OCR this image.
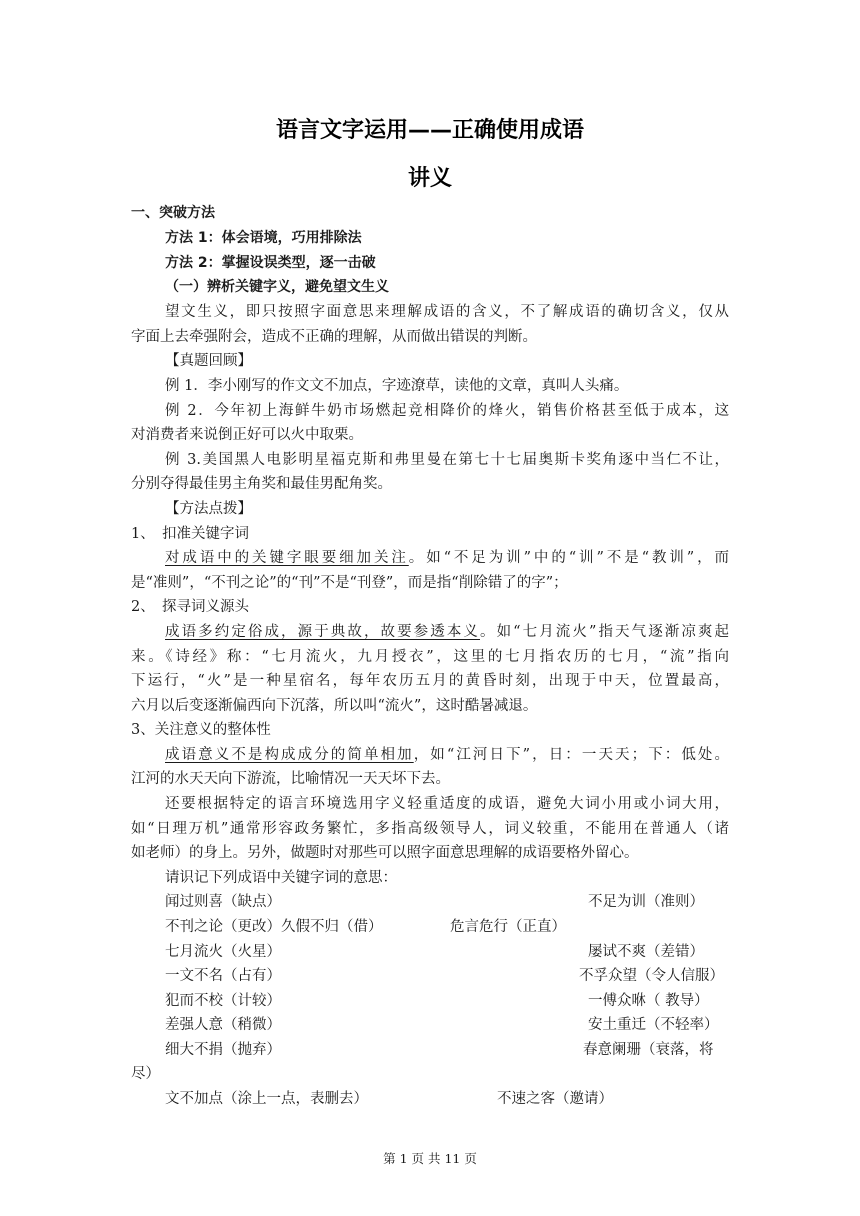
语言文字运用——正确使用成语
讲义
一、突破方法
方法 1：体会语境，巧用排除法
方法 2：掌握设误类型，逐一击破
（一）辨析关键字义，避免望文生义
望文生义，即只按照字面意思来理解成语的含义，不了解成语的确切含义，仅从
字面上去牵强附会，造成不正确的理解，从而做出错误的判断。
【真题回顾】
例 1．李小刚写的作文文不加点，字迹潦草，读他的文章，真叫人头痛。
例 2．今年初上海鲜牛奶市场燃起竞相降价的烽火，销售价格甚至低于成本，这
对消费者来说倒正好可以火中取栗。
例 3.美国黑人电影明星福克斯和弗里曼在第七十七届奥斯卡奖角逐中当仁不让，
分别夺得最佳男主角奖和最佳男配角奖。
【方法点拨】
1、　扣准关键字词
对成语中的关键字眼要细加关注。如“不足为训”中的“训”不是“教训”，而
是“准则”，“不刊之论”的“刊”不是“刊登”，而是指“削除错了的字”；
2、　探寻词义源头
成语多约定俗成，源于典故，故要参透本义。如“七月流火”指天气逐渐凉爽起
来。《诗经》称：“七月流火，九月授衣”，这里的七月指农历的七月，“流”指向
下运行，“火”是一种星宿名，每年农历五月的黄昏时刻，出现于中天，位置最高，
六月以后变逐渐偏西向下沉落，所以叫“流火”，这时酷暑减退。
3、关注意义的整体性
成语意义不是构成成分的简单相加，如“江河日下”，日：一天天；下：低处。
江河的水天天向下游流，比喻情况一天天坏下去。
还要根据特定的语言环境选用字义轻重适度的成语，避免大词小用或小词大用，
如“日理万机”通常形容政务繁忙，多指高级领导人，词义较重，不能用在普通人（诸
如老师）的身上。另外，做题时对那些可以照字面意思理解的成语要格外留心。
请识记下列成语中关键字词的意思：
闻过则喜（缺点）	不足为训（准则）
不刊之论（更改）久假不归（借）	危言危行（正直）
七月流火（火星）	屡试不爽（差错）
一文不名（占有）	不孚众望（令人信服）
犯而不校（计较）	一傅众咻（ 教导）
差强人意（稍微）	安土重迁（不轻率）
细大不捐（抛弃）	春意阑珊（衰落，将
尽）
文不加点（涂上一点，表删去）	不速之客（邀请）
第 1 页 共 11 页
